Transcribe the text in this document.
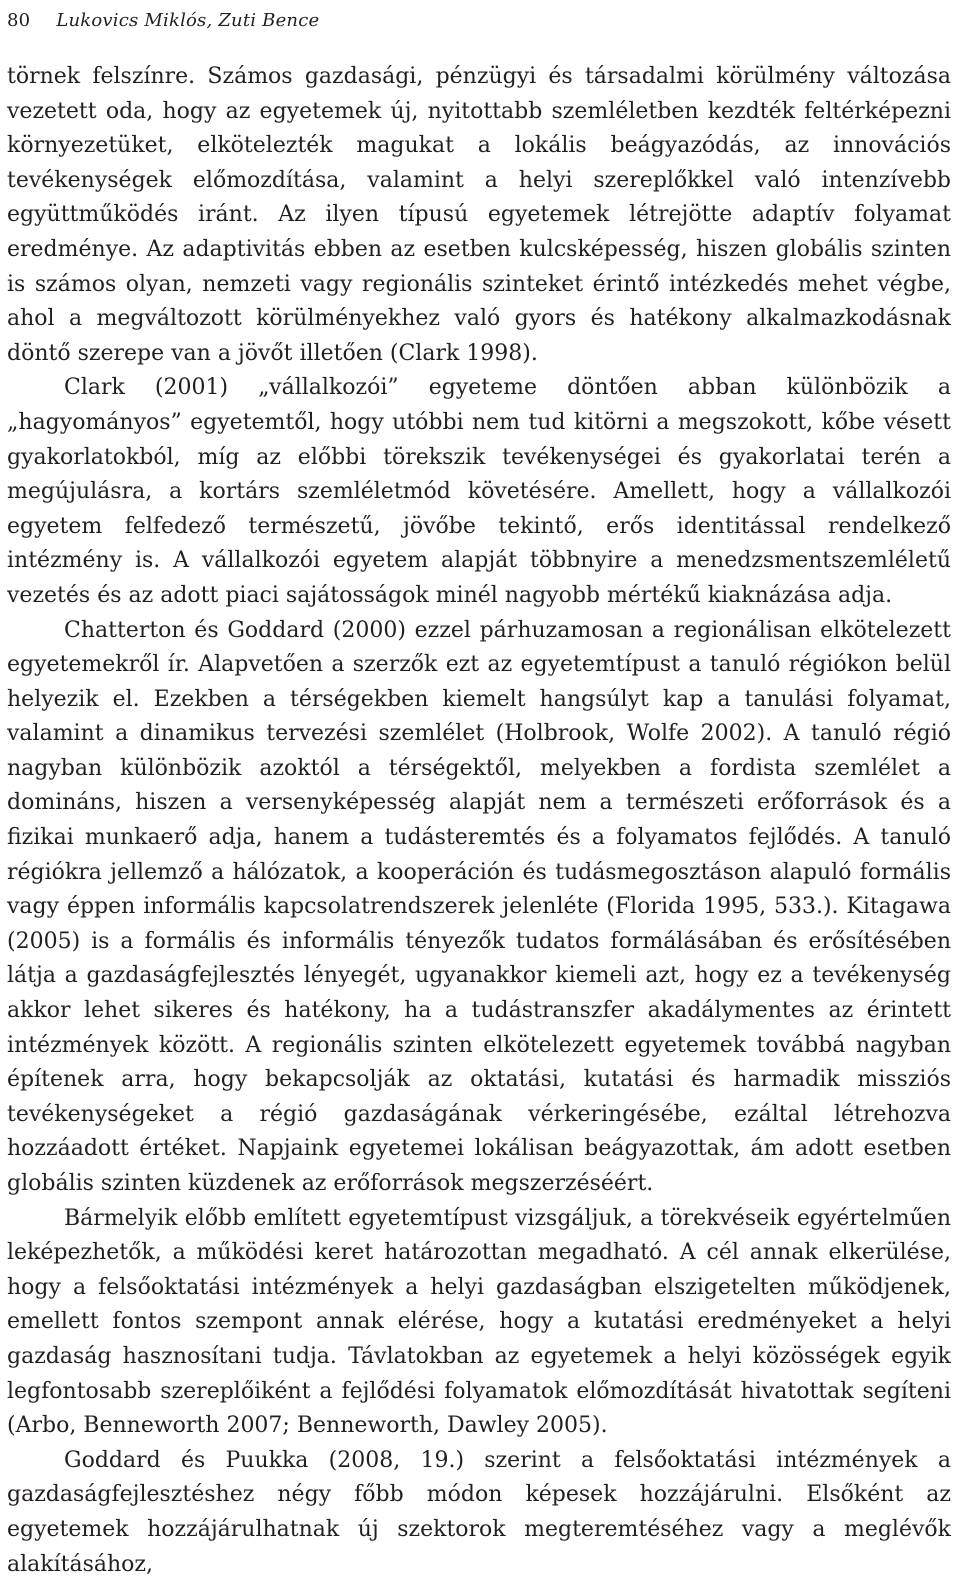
80 Lukovics Miklós, Zuti Bence

törnek felszínre. Számos gazdasági, pénzügyi és társadalmi körülmény változása vezetett oda, hogy az egyetemek új, nyitottabb szemléletben kezdték feltérképezni környezetüket, elkötelezték magukat a lokális beágyazódás, az innovációs tevékenységek előmozdítása, valamint a helyi szereplőkkel való intenzívebb együttműködés iránt. Az ilyen típusú egyetemek létrejötte adaptív folyamat eredménye. Az adaptivitás ebben az esetben kulcsképesség, hiszen globális szinten is számos olyan, nemzeti vagy regionális szinteket érintő intézkedés mehet végbe, ahol a megváltozott körülményekhez való gyors és hatékony alkalmazkodásnak döntő szerepe van a jövőt illetően (Clark 1998).

Clark (2001) „vállalkozói” egyeteme döntően abban különbözik a „hagyományos” egyetemtől, hogy utóbbi nem tud kitörni a megszokott, kőbe vésett gyakorlatokból, míg az előbbi törekszik tevékenységei és gyakorlatai terén a megújulásra, a kortárs szemléletmód követésére. Amellett, hogy a vállalkozói egyetem felfedező természetű, jövőbe tekintő, erős identitással rendelkező intézmény is. A vállalkozói egyetem alapját többnyire a menedzsmentszemléletű vezetés és az adott piaci sajátosságok minél nagyobb mértékű kiaknázása adja.

Chatterton és Goddard (2000) ezzel párhuzamosan a regionálisan elkötelezett egyetemekről ír. Alapvetően a szerzők ezt az egyetemtípust a tanuló régiókon belül helyezik el. Ezekben a térségekben kiemelt hangsúlyt kap a tanulási folyamat, valamint a dinamikus tervezési szemlélet (Holbrook, Wolfe 2002). A tanuló régió nagyban különbözik azoktól a térségektől, melyekben a fordista szemlélet a domináns, hiszen a versenyképesség alapját nem a természeti erőforrások és a fizikai munkaerő adja, hanem a tudásteremtés és a folyamatos fejlődés. A tanuló régiókra jellemző a hálózatok, a kooperáción és tudásmegosztáson alapuló formális vagy éppen informális kapcsolatrendszerek jelenléte (Florida 1995, 533.). Kitagawa (2005) is a formális és informális tényezők tudatos formálásában és erősítésében látja a gazdaságfejlesztés lényegét, ugyanakkor kiemeli azt, hogy ez a tevékenység akkor lehet sikeres és hatékony, ha a tudástranszfer akadálymentes az érintett intézmények között. A regionális szinten elkötelezett egyetemek továbbá nagyban építenek arra, hogy bekapcsolják az oktatási, kutatási és harmadik missziós tevékenységeket a régió gazdaságának vérkeringésébe, ezáltal létrehozva hozzáadott értéket. Napjaink egyetemei lokálisan beágyazottak, ám adott esetben globális szinten küzdenek az erőforrások megszerzéséért.

Bármelyik előbb említett egyetemtípust vizsgáljuk, a törekvéseik egyértelműen leképezhetők, a működési keret határozottan megadható. A cél annak elkerülése, hogy a felsőoktatási intézmények a helyi gazdaságban elszigetelten működjenek, emellett fontos szempont annak elérése, hogy a kutatási eredményeket a helyi gazdaság hasznosítani tudja. Távlatokban az egyetemek a helyi közösségek egyik legfontosabb szereplőiként a fejlődési folyamatok előmozdítását hivatottak segíteni (Arbo, Benneworth 2007; Benneworth, Dawley 2005).

Goddard és Puukka (2008, 19.) szerint a felsőoktatási intézmények a gazdaságfejlesztéshez négy főbb módon képesek hozzájárulni. Elsőként az egyetemek hozzájárulhatnak új szektorok megteremtéséhez vagy a meglévők alakításához,
